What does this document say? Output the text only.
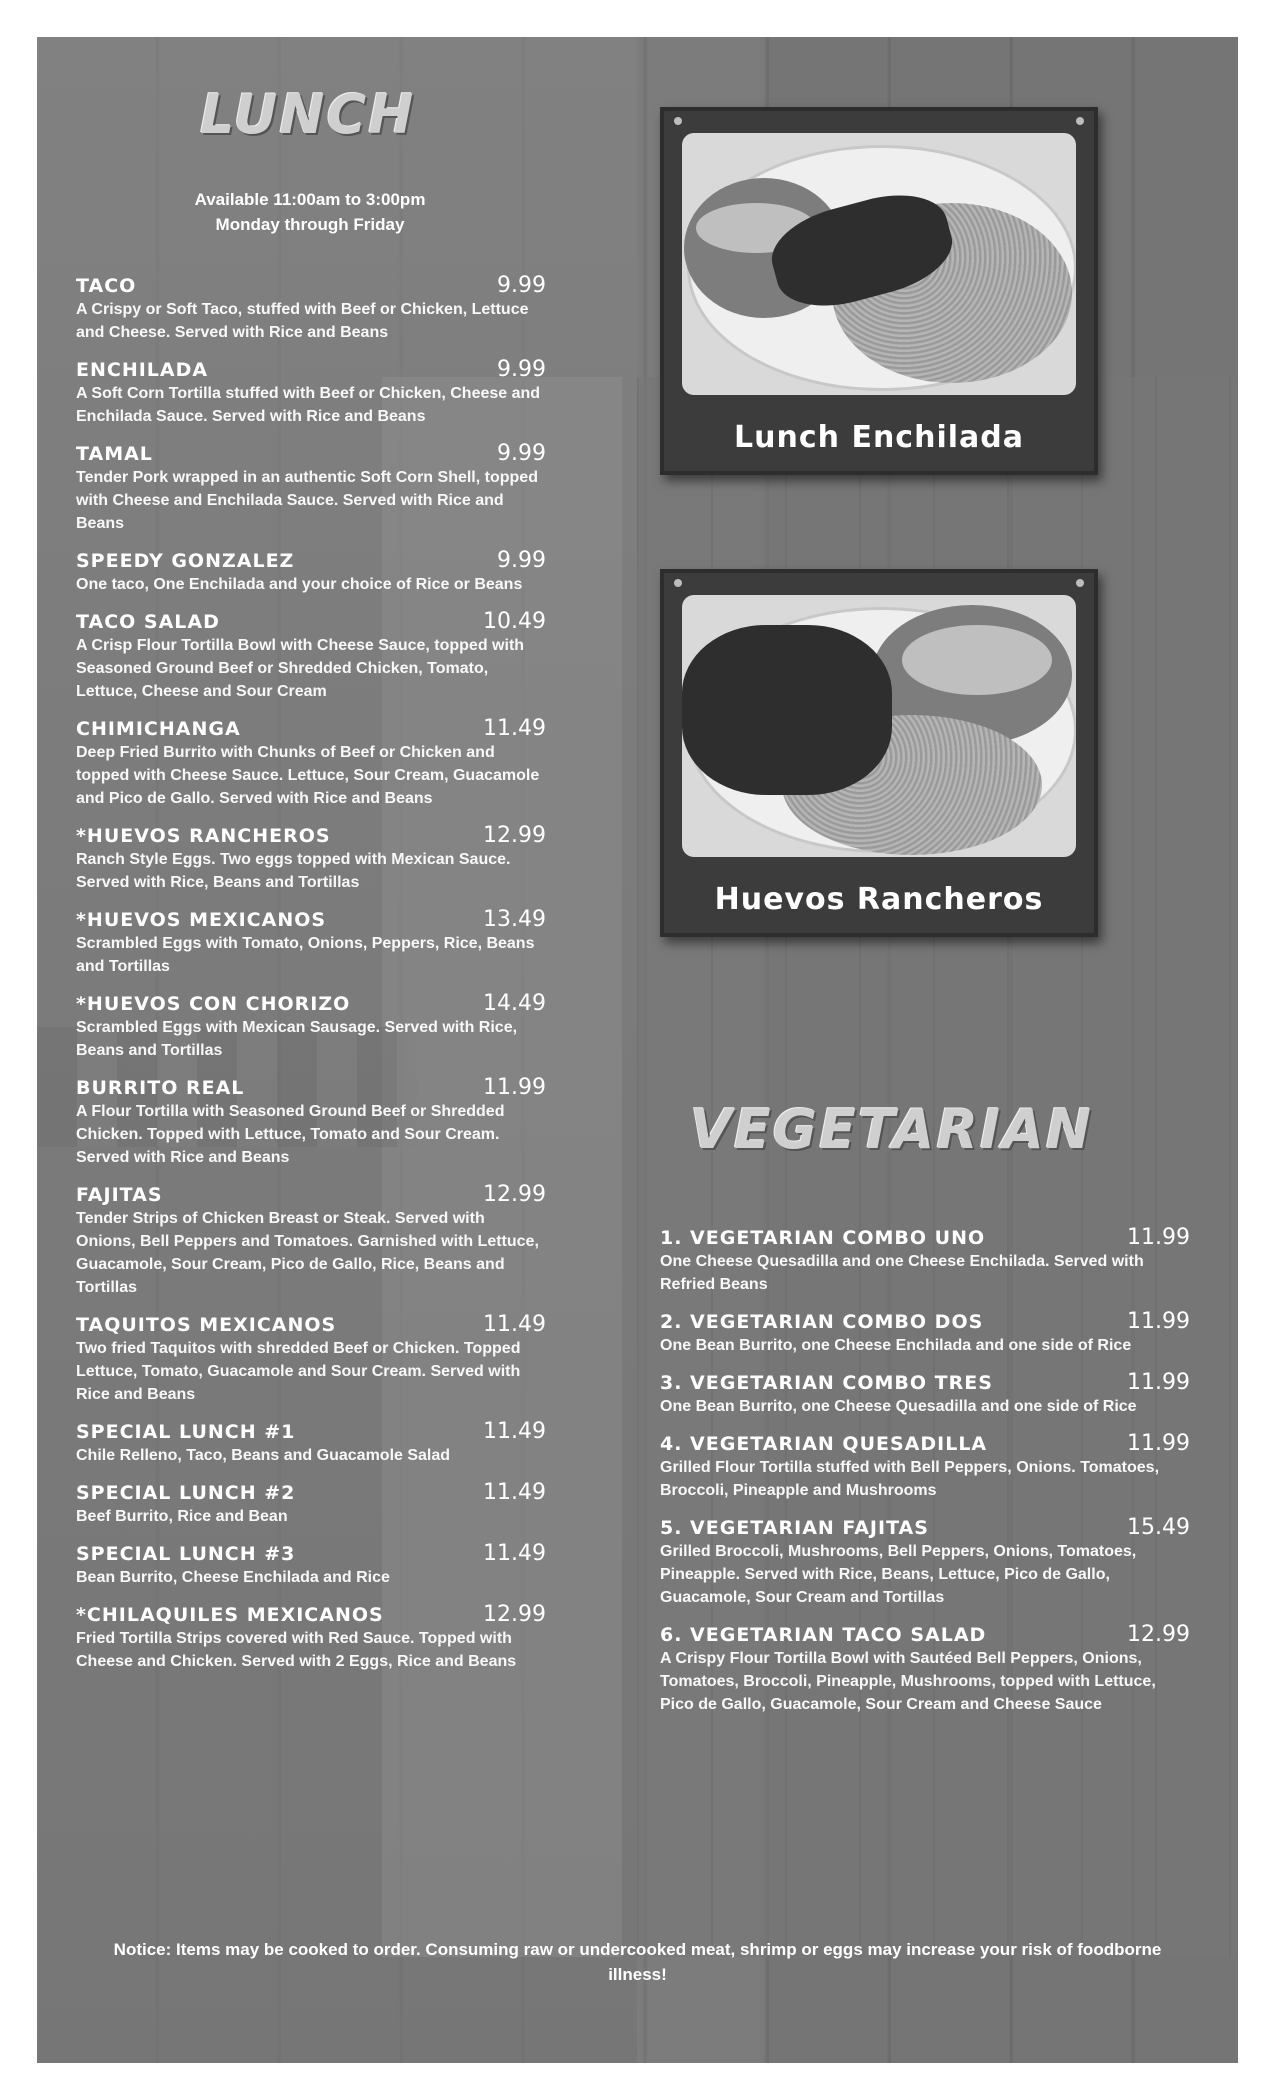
LUNCH
Available 11:00am to 3:00pm
Monday through Friday
TACO	9.99
A Crispy or Soft Taco, stuffed with Beef or Chicken, Lettuce and Cheese. Served with Rice and Beans
ENCHILADA	9.99
A Soft Corn Tortilla stuffed with Beef or Chicken, Cheese and Enchilada Sauce. Served with Rice and Beans
TAMAL	9.99
Tender Pork wrapped in an authentic Soft Corn Shell, topped with Cheese and Enchilada Sauce. Served with Rice and Beans
SPEEDY GONZALEZ	9.99
One taco, One Enchilada and your choice of Rice or Beans
TACO SALAD	10.49
A Crisp Flour Tortilla Bowl with Cheese Sauce, topped with Seasoned Ground Beef or Shredded Chicken, Tomato, Lettuce, Cheese and Sour Cream
CHIMICHANGA	11.49
Deep Fried Burrito with Chunks of Beef or Chicken and topped with Cheese Sauce. Lettuce, Sour Cream, Guacamole and Pico de Gallo. Served with Rice and Beans
*HUEVOS RANCHEROS	12.99
Ranch Style Eggs. Two eggs topped with Mexican Sauce. Served with Rice, Beans and Tortillas
*HUEVOS MEXICANOS	13.49
Scrambled Eggs with Tomato, Onions, Peppers, Rice, Beans and Tortillas
*HUEVOS CON CHORIZO	14.49
Scrambled Eggs with Mexican Sausage. Served with Rice, Beans and Tortillas
BURRITO REAL	11.99
A Flour Tortilla with Seasoned Ground Beef or Shredded Chicken. Topped with Lettuce, Tomato and Sour Cream. Served with Rice and Beans
FAJITAS	12.99
Tender Strips of Chicken Breast or Steak. Served with Onions, Bell Peppers and Tomatoes. Garnished with Lettuce, Guacamole, Sour Cream, Pico de Gallo, Rice, Beans and Tortillas
TAQUITOS MEXICANOS	11.49
Two fried Taquitos with shredded Beef or Chicken. Topped Lettuce, Tomato, Guacamole and Sour Cream. Served with Rice and Beans
SPECIAL LUNCH #1	11.49
Chile Relleno, Taco, Beans and Guacamole Salad
SPECIAL LUNCH #2	11.49
Beef Burrito, Rice and Bean
SPECIAL LUNCH #3	11.49
Bean Burrito, Cheese Enchilada and Rice
*CHILAQUILES MEXICANOS	12.99
Fried Tortilla Strips covered with Red Sauce. Topped with Cheese and Chicken. Served with 2 Eggs, Rice and Beans
Lunch Enchilada
Huevos Rancheros
VEGETARIAN
1. VEGETARIAN COMBO UNO	11.99
One Cheese Quesadilla and one Cheese Enchilada. Served with Refried Beans
2. VEGETARIAN COMBO DOS	11.99
One Bean Burrito, one Cheese Enchilada and one side of Rice
3. VEGETARIAN COMBO TRES	11.99
One Bean Burrito, one Cheese Quesadilla and one side of Rice
4. VEGETARIAN QUESADILLA	11.99
Grilled Flour Tortilla stuffed with Bell Peppers, Onions. Tomatoes, Broccoli, Pineapple and Mushrooms
5. VEGETARIAN FAJITAS	15.49
Grilled Broccoli, Mushrooms, Bell Peppers, Onions, Tomatoes, Pineapple. Served with Rice, Beans, Lettuce, Pico de Gallo, Guacamole, Sour Cream and Tortillas
6. VEGETARIAN TACO SALAD	12.99
A Crispy Flour Tortilla Bowl with Sautéed Bell Peppers, Onions, Tomatoes, Broccoli, Pineapple, Mushrooms, topped with Lettuce, Pico de Gallo, Guacamole, Sour Cream and Cheese Sauce
Notice: Items may be cooked to order. Consuming raw or undercooked meat, shrimp or eggs may increase your risk of foodborne illness!
